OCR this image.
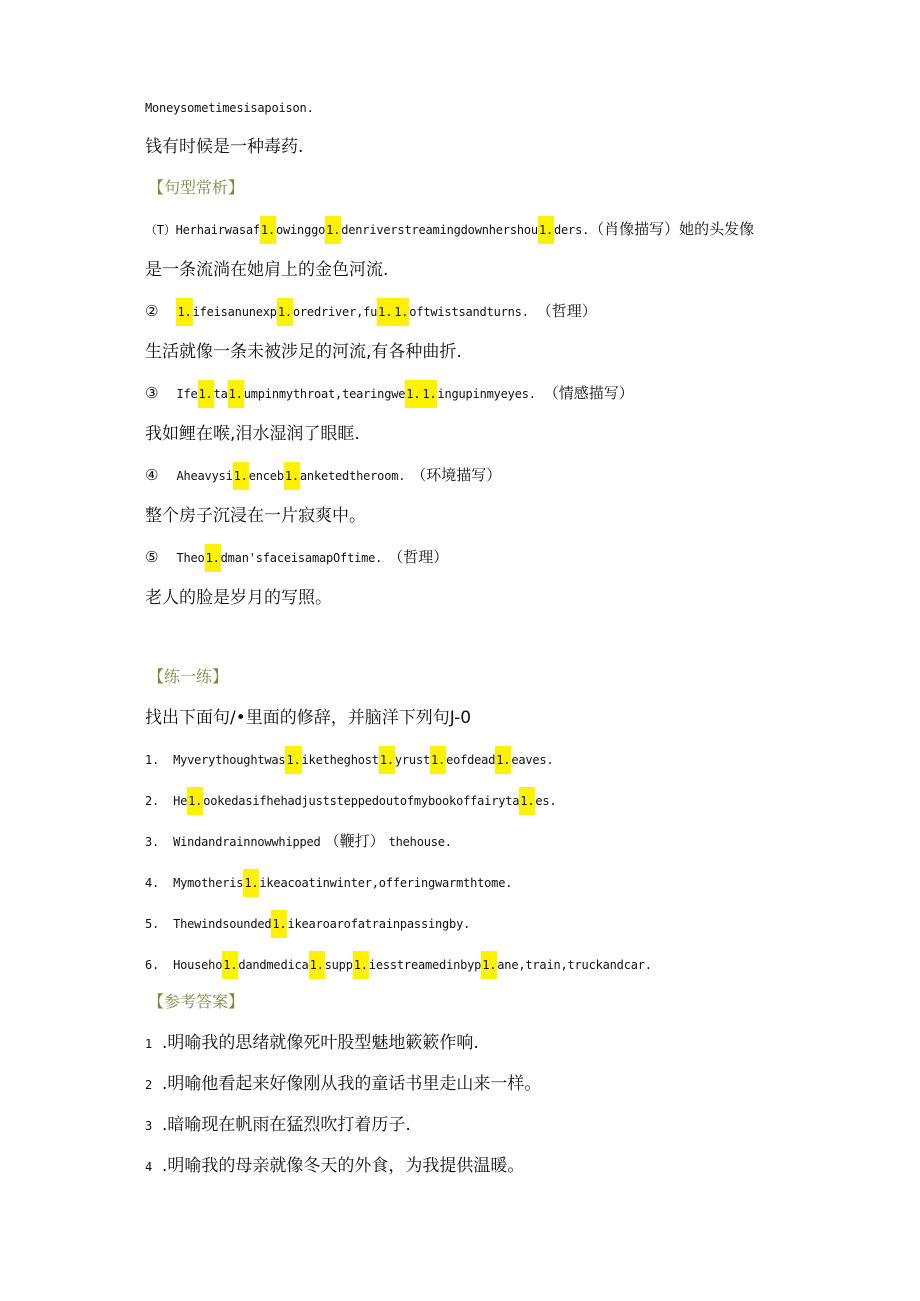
Moneysometimesisapoison.
钱有时候是一种毒药.
【句型常析】
（T）Herhairwasaf1.owinggo1.denriverstreamingdownhershou1.ders.（肖像描写）她的头发像
是一条流淌在她肩上的金色河流.
② 1.ifeisanunexp1.oredriver,fu1. 1.oftwistsandturns. （哲理）
生活就像一条未被涉足的河流,有各种曲折.
③ Ife1.ta1.umpinmythroat,tearingwe1. 1.ingupinmyeyes. （情感描写）
我如鲤在喉,泪水湿润了眼眶.
④ Aheavysi1.enceb1.anketedtheroom. （环境描写）
整个房子沉浸在一片寂爽中。
⑤ Theo1.dman'sfaceisamapOftime. （哲理）
老人的脸是岁月的写照。
【练一练】
找出下面句/•里面的修辞，并脑洋下列句J-0
1. Myverythoughtwas1.iketheghost1.yrust1.eofdead1.eaves.
2. He1.ookedasifhehadjuststeppedoutofmybookoffairyta1.es.
3. Windandrainnowwhipped （鞭打） thehouse.
4. Mymotheris1.ikeacoatinwinter,offeringwarmthtome.
5. Thewindsounded1.ikearoarofatrainpassingby.
6. Househo1.dandmedica1.supp1.iesstreamedinbyp1.ane,train,truckandcar.
【参考答案】
1 .明喻我的思绪就像死叶股型魅地簌簌作响.
2 .明喻他看起来好像刚从我的童话书里走山来一样。
3 .暗喻现在帆雨在猛烈吹打着历子.
4 .明喻我的母亲就像冬天的外食，为我提供温暖。
